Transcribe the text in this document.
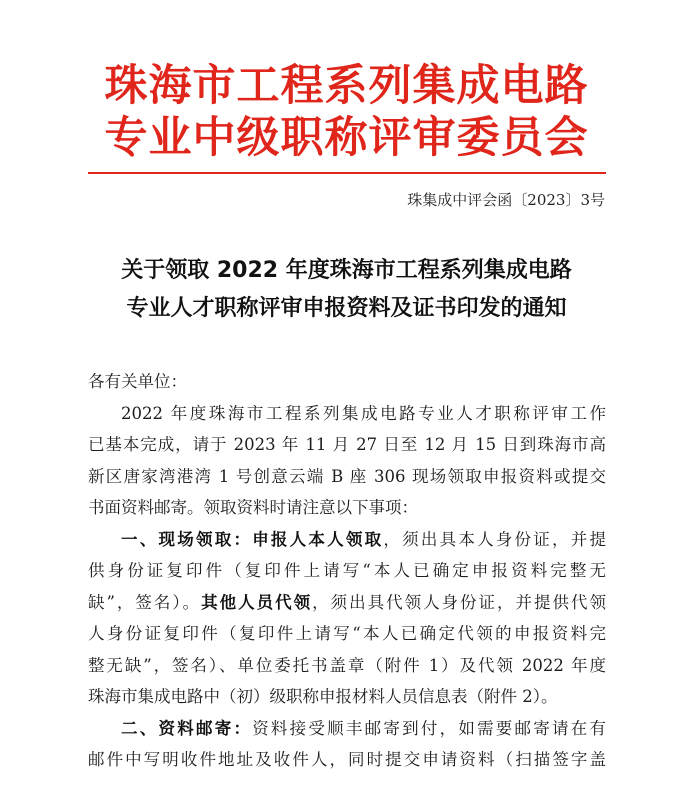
珠海市工程系列集成电路
专业中级职称评审委员会
珠集成中评会函〔2023〕3号
关于领取 2022 年度珠海市工程系列集成电路
专业人才职称评审申报资料及证书印发的通知
各有关单位：
2022 年度珠海市工程系列集成电路专业人才职称评审工作
已基本完成，请于 2023 年 11 月 27 日至 12 月 15 日到珠海市高
新区唐家湾港湾 1 号创意云端 B 座 306 现场领取申报资料或提交
书面资料邮寄。领取资料时请注意以下事项：
一、现场领取：申报人本人领取，须出具本人身份证，并提
供身份证复印件（复印件上请写“本人已确定申报资料完整无
缺”，签名）。其他人员代领，须出具代领人身份证，并提供代领
人身份证复印件（复印件上请写“本人已确定代领的申报资料完
整无缺”，签名）、单位委托书盖章（附件 1）及代领 2022 年度
珠海市集成电路中（初）级职称申报材料人员信息表（附件 2）。
二、资料邮寄：资料接受顺丰邮寄到付，如需要邮寄请在有
邮件中写明收件地址及收件人，同时提交申请资料（扫描签字盖
